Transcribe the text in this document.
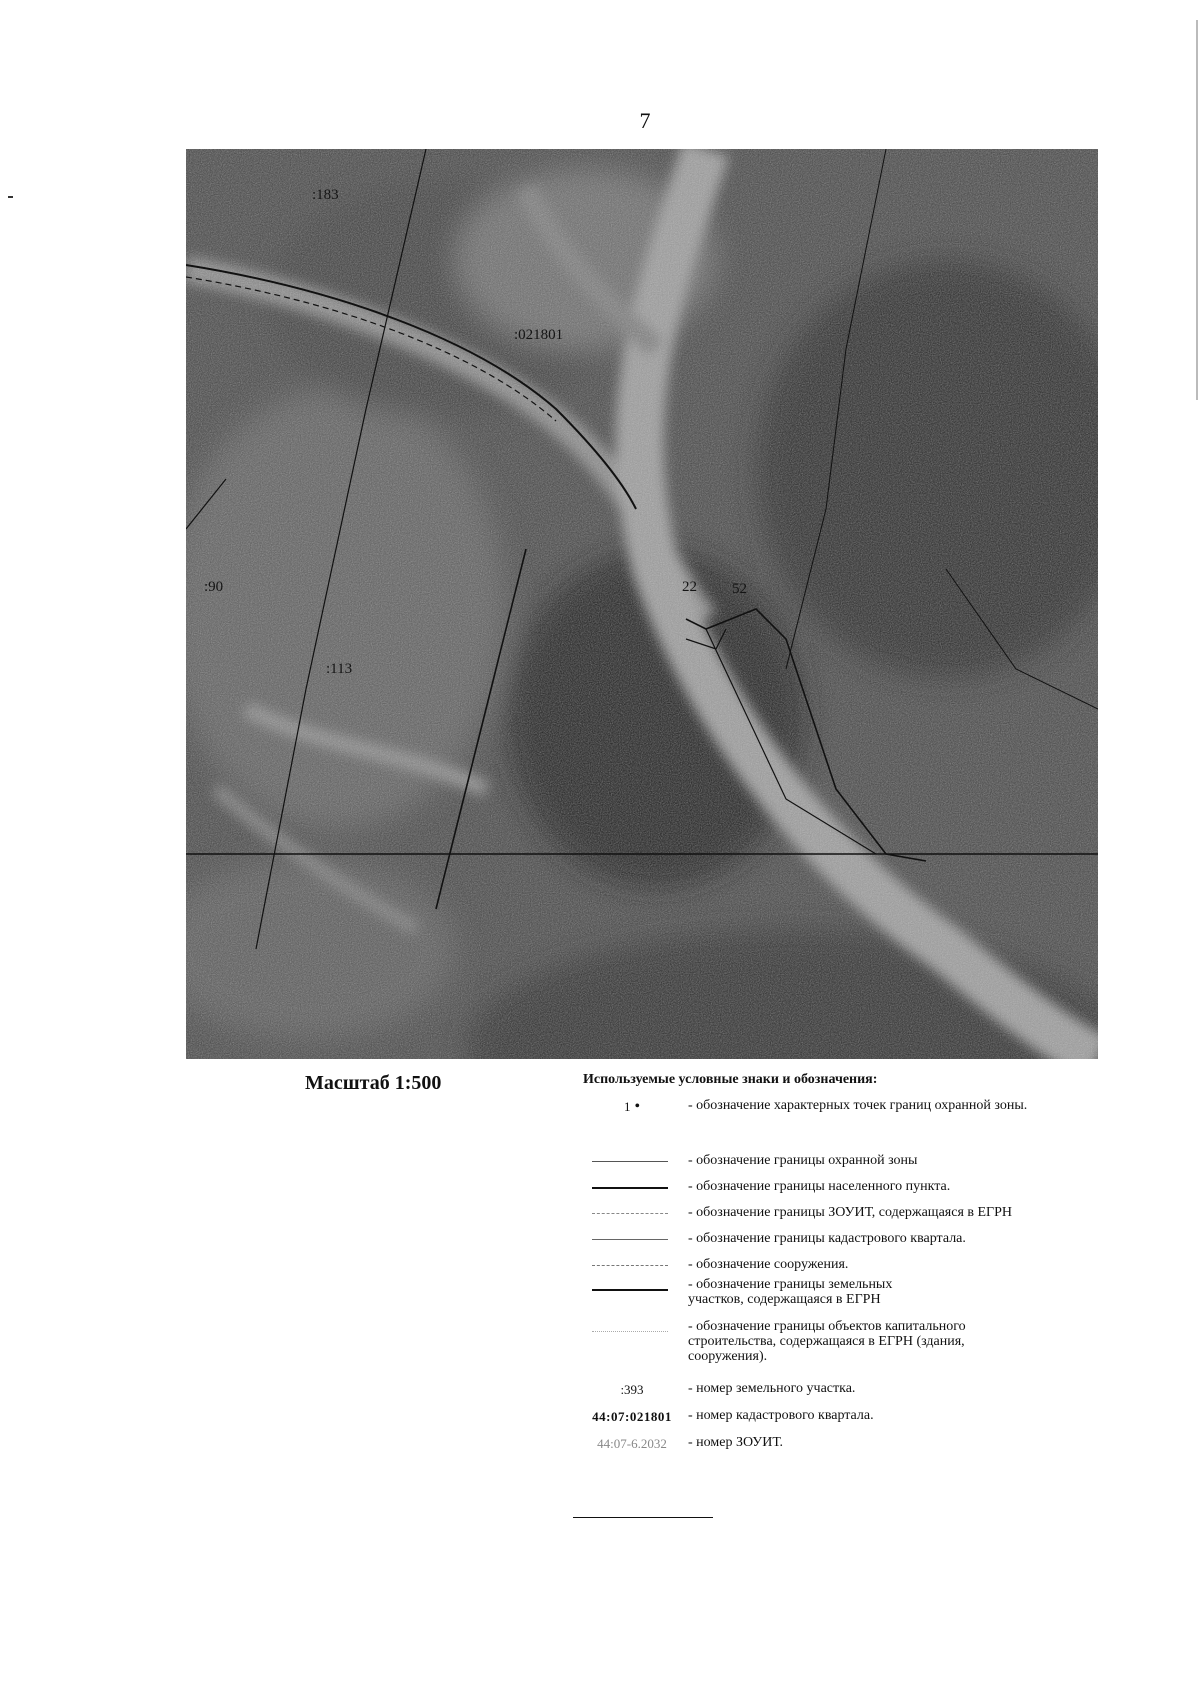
7
:183
:021801
:90
:113
22 52
Масштаб 1:500	Используемые условные знаки и обозначения:
1 •	- обозначение характерных точек границ охранной зоны.
- обозначение границы охранной зоны
- обозначение границы населенного пункта.
- обозначение границы ЗОУИТ, содержащаяся в ЕГРН
- обозначение границы кадастрового квартала.
- обозначение сооружения.
- обозначение границы земельных участков, содержащаяся в ЕГРН
- обозначение границы объектов капитального строительства, содержащаяся в ЕГРН (здания, сооружения).
:393	- номер земельного участка.
44:07:021801	- номер кадастрового квартала.
44:07-6.2032	- номер ЗОУИТ.
